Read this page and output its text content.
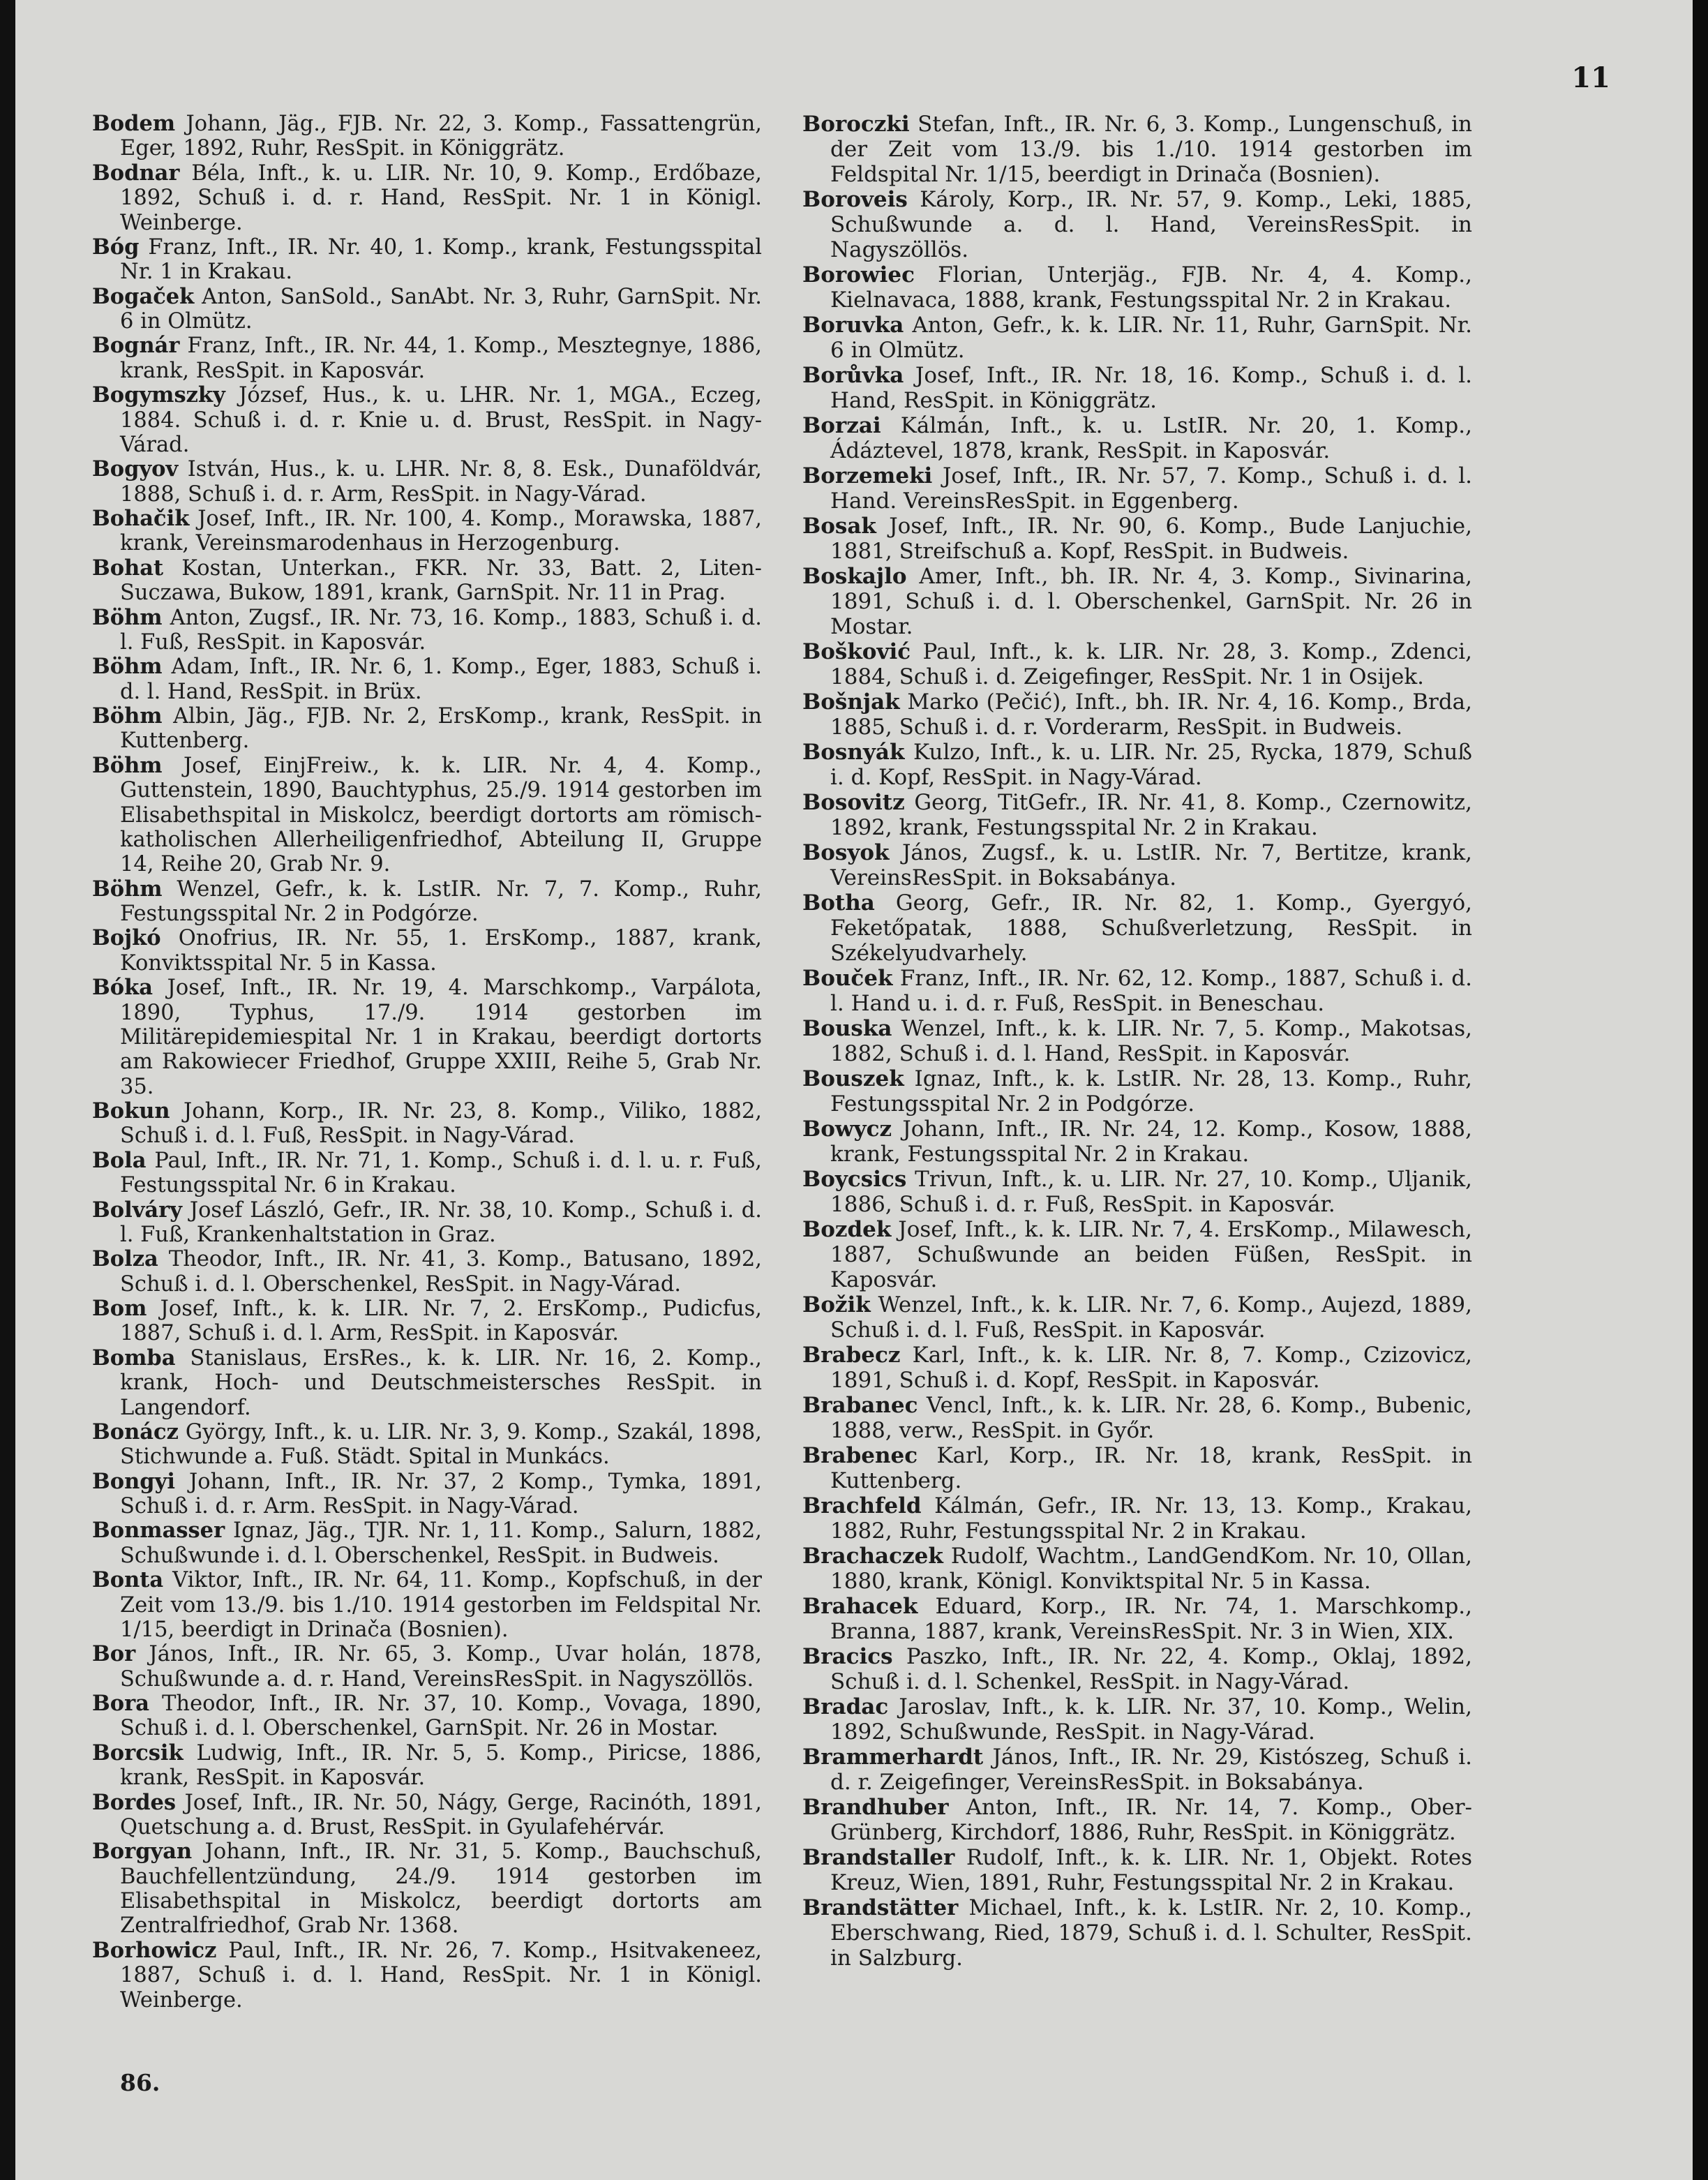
11

Bodem Johann, Jäg., FJB. Nr. 22, 3. Komp., Fassattengrün, Eger, 1892, Ruhr, ResSpit. in Königgrätz.

Bodnar Béla, Inft., k. u. LIR. Nr. 10, 9. Komp., Erdőbaze, 1892, Schuß i. d. r. Hand, ResSpit. Nr. 1 in Königl. Weinberge.

Bóg Franz, Inft., IR. Nr. 40, 1. Komp., krank, Festungsspital Nr. 1 in Krakau.

Bogaček Anton, SanSold., SanAbt. Nr. 3, Ruhr, GarnSpit. Nr. 6 in Olmütz.

Bognár Franz, Inft., IR. Nr. 44, 1. Komp., Mesztegnye, 1886, krank, ResSpit. in Kaposvár.

Bogymszky József, Hus., k. u. LHR. Nr. 1, MGA., Eczeg, 1884. Schuß i. d. r. Knie u. d. Brust, ResSpit. in Nagy-Várad.

Bogyov István, Hus., k. u. LHR. Nr. 8, 8. Esk., Dunaföldvár, 1888, Schuß i. d. r. Arm, ResSpit. in Nagy-Várad.

Bohačik Josef, Inft., IR. Nr. 100, 4. Komp., Morawska, 1887, krank, Vereinsmarodenhaus in Herzogenburg.

Bohat Kostan, Unterkan., FKR. Nr. 33, Batt. 2, Liten-Suczawa, Bukow, 1891, krank, GarnSpit. Nr. 11 in Prag.

Böhm Anton, Zugsf., IR. Nr. 73, 16. Komp., 1883, Schuß i. d. l. Fuß, ResSpit. in Kaposvár.

Böhm Adam, Inft., IR. Nr. 6, 1. Komp., Eger, 1883, Schuß i. d. l. Hand, ResSpit. in Brüx.

Böhm Albin, Jäg., FJB. Nr. 2, ErsKomp., krank, ResSpit. in Kuttenberg.

Böhm Josef, EinjFreiw., k. k. LIR. Nr. 4, 4. Komp., Guttenstein, 1890, Bauchtyphus, 25./9. 1914 gestorben im Elisabethspital in Miskolcz, beerdigt dortorts am römisch-katholischen Allerheiligenfriedhof, Abteilung II, Gruppe 14, Reihe 20, Grab Nr. 9.

Böhm Wenzel, Gefr., k. k. LstIR. Nr. 7, 7. Komp., Ruhr, Festungsspital Nr. 2 in Podgórze.

Bojkó Onofrius, IR. Nr. 55, 1. ErsKomp., 1887, krank, Konviktsspital Nr. 5 in Kassa.

Bóka Josef, Inft., IR. Nr. 19, 4. Marschkomp., Varpálota, 1890, Typhus, 17./9. 1914 gestorben im Militärepidemiespital Nr. 1 in Krakau, beerdigt dortorts am Rakowiecer Friedhof, Gruppe XXIII, Reihe 5, Grab Nr. 35.

Bokun Johann, Korp., IR. Nr. 23, 8. Komp., Viliko, 1882, Schuß i. d. l. Fuß, ResSpit. in Nagy-Várad.

Bola Paul, Inft., IR. Nr. 71, 1. Komp., Schuß i. d. l. u. r. Fuß, Festungsspital Nr. 6 in Krakau.

Bolváry Josef László, Gefr., IR. Nr. 38, 10. Komp., Schuß i. d. l. Fuß, Krankenhaltstation in Graz.

Bolza Theodor, Inft., IR. Nr. 41, 3. Komp., Batusano, 1892, Schuß i. d. l. Oberschenkel, ResSpit. in Nagy-Várad.

Bom Josef, Inft., k. k. LIR. Nr. 7, 2. ErsKomp., Pudicfus, 1887, Schuß i. d. l. Arm, ResSpit. in Kaposvár.

Bomba Stanislaus, ErsRes., k. k. LIR. Nr. 16, 2. Komp., krank, Hoch- und Deutschmeistersches ResSpit. in Langendorf.

Bonácz György, Inft., k. u. LIR. Nr. 3, 9. Komp., Szakál, 1898, Stichwunde a. Fuß. Städt. Spital in Munkács.

Bongyi Johann, Inft., IR. Nr. 37, 2 Komp., Tymka, 1891, Schuß i. d. r. Arm. ResSpit. in Nagy-Várad.

Bonmasser Ignaz, Jäg., TJR. Nr. 1, 11. Komp., Salurn, 1882, Schußwunde i. d. l. Oberschenkel, ResSpit. in Budweis.

Bonta Viktor, Inft., IR. Nr. 64, 11. Komp., Kopfschuß, in der Zeit vom 13./9. bis 1./10. 1914 gestorben im Feldspital Nr. 1/15, beerdigt in Drinača (Bosnien).

Bor János, Inft., IR. Nr. 65, 3. Komp., Uvar holán, 1878, Schußwunde a. d. r. Hand, VereinsResSpit. in Nagyszöllös.

Bora Theodor, Inft., IR. Nr. 37, 10. Komp., Vovaga, 1890, Schuß i. d. l. Oberschenkel, GarnSpit. Nr. 26 in Mostar.

Borcsik Ludwig, Inft., IR. Nr. 5, 5. Komp., Piricse, 1886, krank, ResSpit. in Kaposvár.

Bordes Josef, Inft., IR. Nr. 50, Nágy, Gerge, Racinóth, 1891, Quetschung a. d. Brust, ResSpit. in Gyulafehérvár.

Borgyan Johann, Inft., IR. Nr. 31, 5. Komp., Bauchschuß, Bauchfellentzündung, 24./9. 1914 gestorben im Elisabethspital in Miskolcz, beerdigt dortorts am Zentralfriedhof, Grab Nr. 1368.

Borhowicz Paul, Inft., IR. Nr. 26, 7. Komp., Hsitvakeneez, 1887, Schuß i. d. l. Hand, ResSpit. Nr. 1 in Königl. Weinberge.

Boroczki Stefan, Inft., IR. Nr. 6, 3. Komp., Lungenschuß, in der Zeit vom 13./9. bis 1./10. 1914 gestorben im Feldspital Nr. 1/15, beerdigt in Drinača (Bosnien).

Boroveis Károly, Korp., IR. Nr. 57, 9. Komp., Leki, 1885, Schußwunde a. d. l. Hand, VereinsResSpit. in Nagyszöllös.

Borowiec Florian, Unterjäg., FJB. Nr. 4, 4. Komp., Kielnavaca, 1888, krank, Festungsspital Nr. 2 in Krakau.

Boruvka Anton, Gefr., k. k. LIR. Nr. 11, Ruhr, GarnSpit. Nr. 6 in Olmütz.

Borůvka Josef, Inft., IR. Nr. 18, 16. Komp., Schuß i. d. l. Hand, ResSpit. in Königgrätz.

Borzai Kálmán, Inft., k. u. LstIR. Nr. 20, 1. Komp., Ádáztevel, 1878, krank, ResSpit. in Kaposvár.

Borzemeki Josef, Inft., IR. Nr. 57, 7. Komp., Schuß i. d. l. Hand. VereinsResSpit. in Eggenberg.

Bosak Josef, Inft., IR. Nr. 90, 6. Komp., Bude Lanjuchie, 1881, Streifschuß a. Kopf, ResSpit. in Budweis.

Boskajlo Amer, Inft., bh. IR. Nr. 4, 3. Komp., Sivinarina, 1891, Schuß i. d. l. Oberschenkel, GarnSpit. Nr. 26 in Mostar.

Bošković Paul, Inft., k. k. LIR. Nr. 28, 3. Komp., Zdenci, 1884, Schuß i. d. Zeigefinger, ResSpit. Nr. 1 in Osijek.

Bošnjak Marko (Pečić), Inft., bh. IR. Nr. 4, 16. Komp., Brda, 1885, Schuß i. d. r. Vorderarm, ResSpit. in Budweis.

Bosnyák Kulzo, Inft., k. u. LIR. Nr. 25, Rycka, 1879, Schuß i. d. Kopf, ResSpit. in Nagy-Várad.

Bosovitz Georg, TitGefr., IR. Nr. 41, 8. Komp., Czernowitz, 1892, krank, Festungsspital Nr. 2 in Krakau.

Bosyok János, Zugsf., k. u. LstIR. Nr. 7, Bertitze, krank, VereinsResSpit. in Boksabánya.

Botha Georg, Gefr., IR. Nr. 82, 1. Komp., Gyergyó, Feketőpatak, 1888, Schußverletzung, ResSpit. in Székelyudvarhely.

Bouček Franz, Inft., IR. Nr. 62, 12. Komp., 1887, Schuß i. d. l. Hand u. i. d. r. Fuß, ResSpit. in Beneschau.

Bouska Wenzel, Inft., k. k. LIR. Nr. 7, 5. Komp., Makotsas, 1882, Schuß i. d. l. Hand, ResSpit. in Kaposvár.

Bouszek Ignaz, Inft., k. k. LstIR. Nr. 28, 13. Komp., Ruhr, Festungsspital Nr. 2 in Podgórze.

Bowycz Johann, Inft., IR. Nr. 24, 12. Komp., Kosow, 1888, krank, Festungsspital Nr. 2 in Krakau.

Boycsics Trivun, Inft., k. u. LIR. Nr. 27, 10. Komp., Uljanik, 1886, Schuß i. d. r. Fuß, ResSpit. in Kaposvár.

Bozdek Josef, Inft., k. k. LIR. Nr. 7, 4. ErsKomp., Milawesch, 1887, Schußwunde an beiden Füßen, ResSpit. in Kaposvár.

Božik Wenzel, Inft., k. k. LIR. Nr. 7, 6. Komp., Aujezd, 1889, Schuß i. d. l. Fuß, ResSpit. in Kaposvár.

Brabecz Karl, Inft., k. k. LIR. Nr. 8, 7. Komp., Czizovicz, 1891, Schuß i. d. Kopf, ResSpit. in Kaposvár.

Brabanec Vencl, Inft., k. k. LIR. Nr. 28, 6. Komp., Bubenic, 1888, verw., ResSpit. in Győr.

Brabenec Karl, Korp., IR. Nr. 18, krank, ResSpit. in Kuttenberg.

Brachfeld Kálmán, Gefr., IR. Nr. 13, 13. Komp., Krakau, 1882, Ruhr, Festungsspital Nr. 2 in Krakau.

Brachaczek Rudolf, Wachtm., LandGendKom. Nr. 10, Ollan, 1880, krank, Königl. Konviktspital Nr. 5 in Kassa.

Brahacek Eduard, Korp., IR. Nr. 74, 1. Marschkomp., Branna, 1887, krank, VereinsResSpit. Nr. 3 in Wien, XIX.

Bracics Paszko, Inft., IR. Nr. 22, 4. Komp., Oklaj, 1892, Schuß i. d. l. Schenkel, ResSpit. in Nagy-Várad.

Bradac Jaroslav, Inft., k. k. LIR. Nr. 37, 10. Komp., Welin, 1892, Schußwunde, ResSpit. in Nagy-Várad.

Brammerhardt János, Inft., IR. Nr. 29, Kistószeg, Schuß i. d. r. Zeigefinger, VereinsResSpit. in Boksabánya.

Brandhuber Anton, Inft., IR. Nr. 14, 7. Komp., Ober-Grünberg, Kirchdorf, 1886, Ruhr, ResSpit. in Königgrätz.

Brandstaller Rudolf, Inft., k. k. LIR. Nr. 1, Objekt. Rotes Kreuz, Wien, 1891, Ruhr, Festungsspital Nr. 2 in Krakau.

Brandstätter Michael, Inft., k. k. LstIR. Nr. 2, 10. Komp., Eberschwang, Ried, 1879, Schuß i. d. l. Schulter, ResSpit. in Salzburg.

86.
